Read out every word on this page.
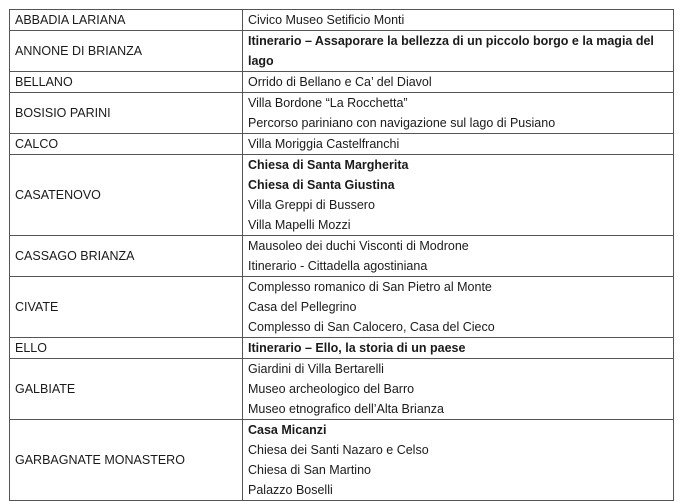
ABBADIA LARIANA	Civico Museo Setificio Monti

ANNONE DI BRIANZA	Itinerario – Assaporare la bellezza di un piccolo borgo e la magia del lago

BELLANO	Orrido di Bellano e Ca’ del Diavol

BOSISIO PARINI	Villa Bordone “La Rocchetta”
Percorso pariniano con navigazione sul lago di Pusiano

CALCO	Villa Moriggia Castelfranchi

CASATENOVO	Chiesa di Santa Margherita
Chiesa di Santa Giustina
Villa Greppi di Bussero
Villa Mapelli Mozzi

CASSAGO BRIANZA	Mausoleo dei duchi Visconti di Modrone
Itinerario - Cittadella agostiniana

CIVATE	Complesso romanico di San Pietro al Monte
Casa del Pellegrino
Complesso di San Calocero, Casa del Cieco

ELLO	Itinerario – Ello, la storia di un paese

GALBIATE	Giardini di Villa Bertarelli
Museo archeologico del Barro
Museo etnografico dell’Alta Brianza

GARBAGNATE MONASTERO	Casa Micanzi
Chiesa dei Santi Nazaro e Celso
Chiesa di San Martino
Palazzo Boselli
